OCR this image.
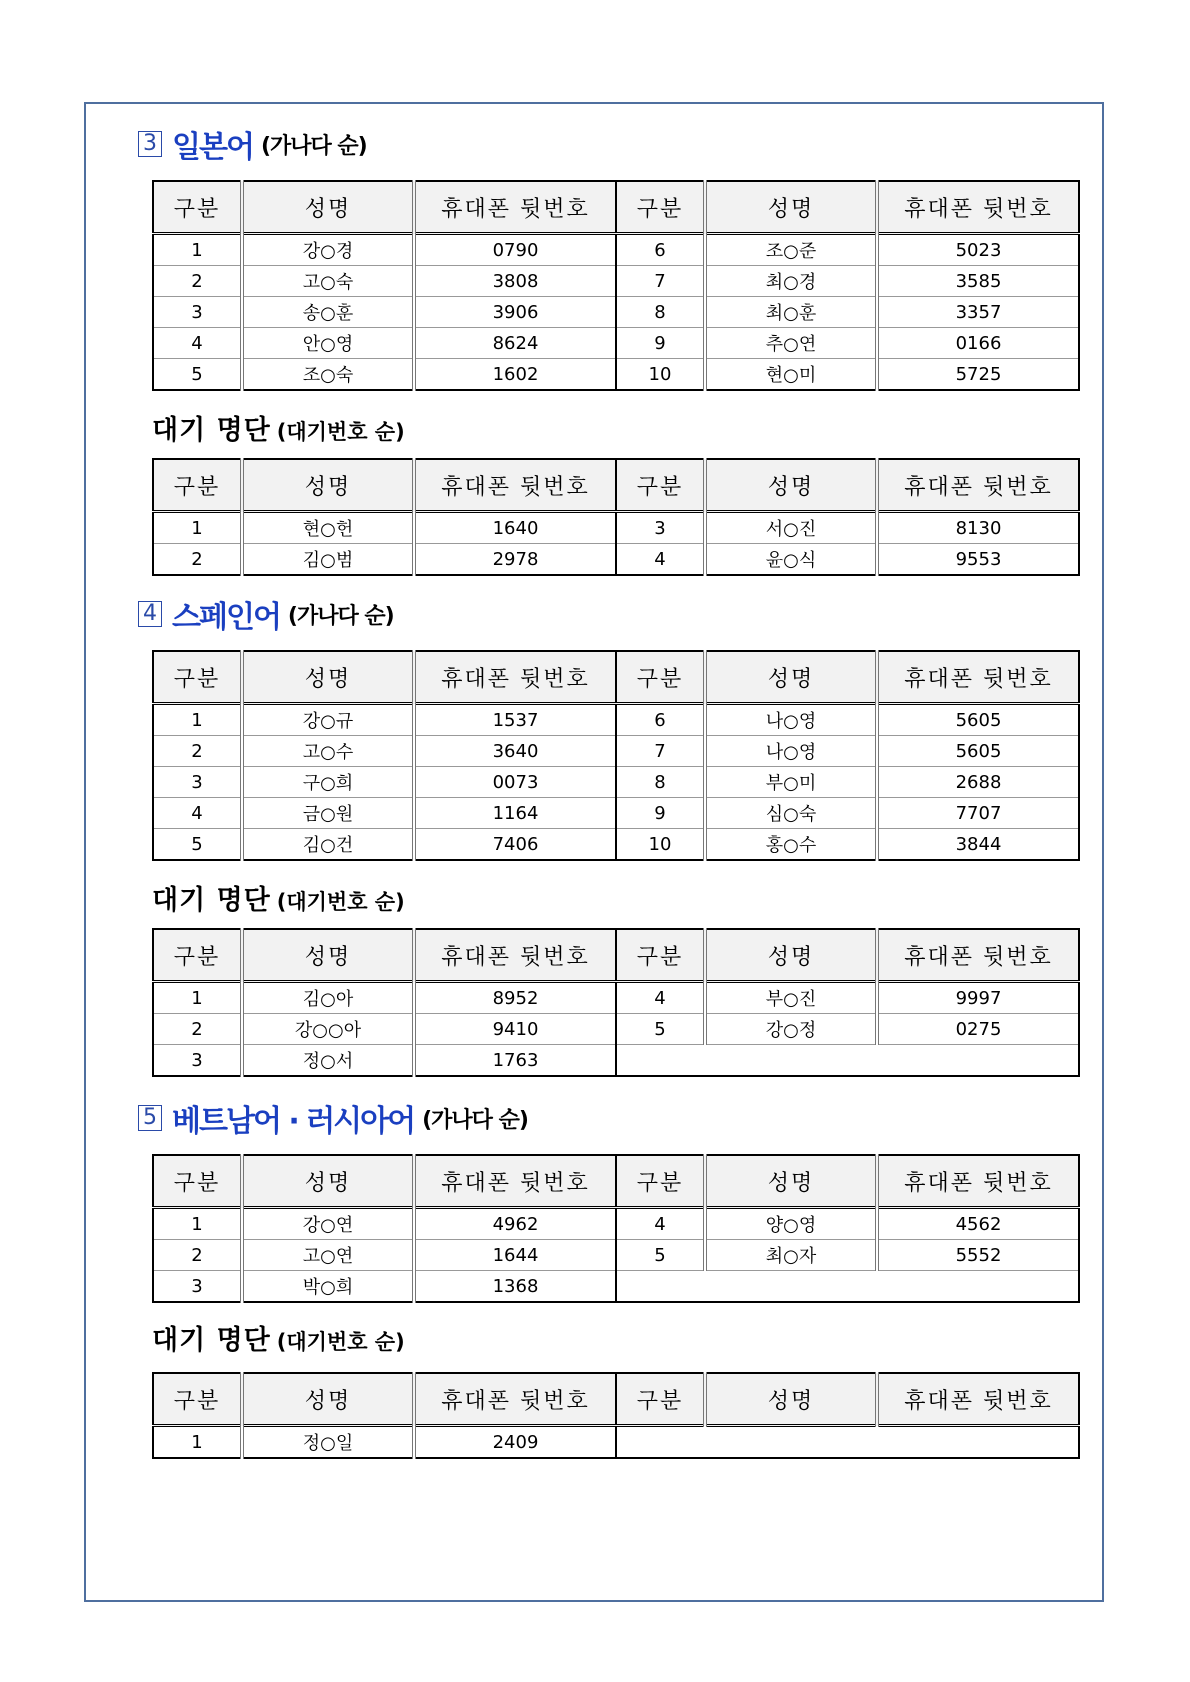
3 일본어 (가나다 순)
구분	성명	휴대폰 뒷번호	구분	성명	휴대폰 뒷번호
1	강○경	0790	6	조○준	5023
2	고○숙	3808	7	최○경	3585
3	송○훈	3906	8	최○훈	3357
4	안○영	8624	9	추○연	0166
5	조○숙	1602	10	현○미	5725
대기 명단 (대기번호 순)
구분	성명	휴대폰 뒷번호	구분	성명	휴대폰 뒷번호
1	현○헌	1640	3	서○진	8130
2	김○범	2978	4	윤○식	9553
4 스페인어 (가나다 순)
구분	성명	휴대폰 뒷번호	구분	성명	휴대폰 뒷번호
1	강○규	1537	6	나○영	5605
2	고○수	3640	7	나○영	5605
3	구○희	0073	8	부○미	2688
4	금○원	1164	9	심○숙	7707
5	김○건	7406	10	홍○수	3844
대기 명단 (대기번호 순)
구분	성명	휴대폰 뒷번호	구분	성명	휴대폰 뒷번호
1	김○아	8952	4	부○진	9997
2	강○○아	9410	5	강○정	0275
3	정○서	1763			
5 베트남어 · 러시아어 (가나다 순)
구분	성명	휴대폰 뒷번호	구분	성명	휴대폰 뒷번호
1	강○연	4962	4	양○영	4562
2	고○연	1644	5	최○자	5552
3	박○희	1368			
대기 명단 (대기번호 순)
구분	성명	휴대폰 뒷번호	구분	성명	휴대폰 뒷번호
1	정○일	2409			
